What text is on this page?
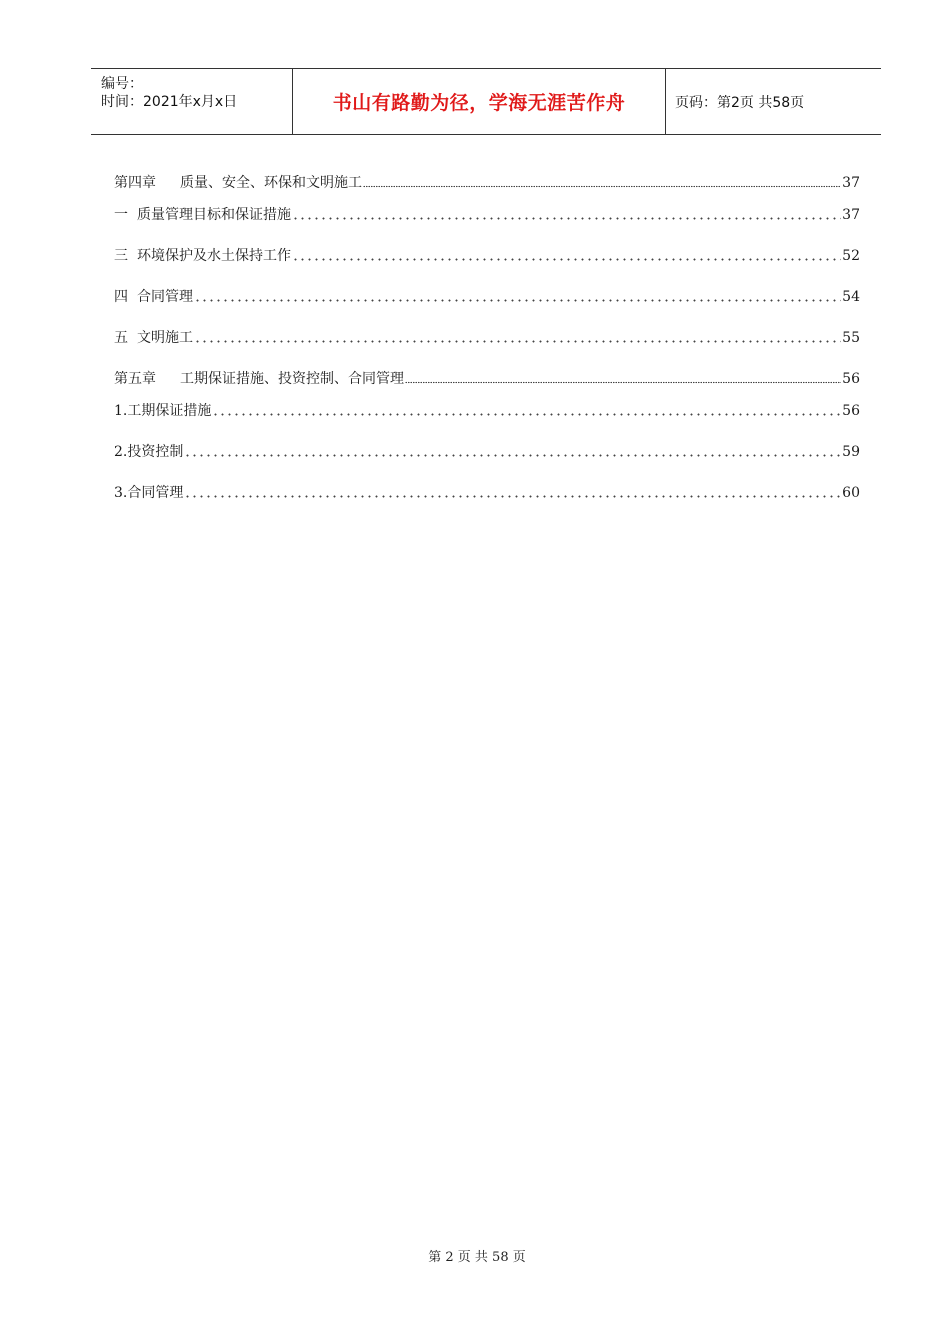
编号：
时间：2021年x月x日	书山有路勤为径，学海无涯苦作舟	页码：第2页 共58页
第四章 质量、安全、环保和文明施工	37
一 质量管理目标和保证措施	37
三 环境保护及水土保持工作	52
四 合同管理	54
五 文明施工	55
第五章 工期保证措施、投资控制、合同管理	56
1.工期保证措施	56
2.投资控制	59
3.合同管理	60
第 2 页 共 58 页
